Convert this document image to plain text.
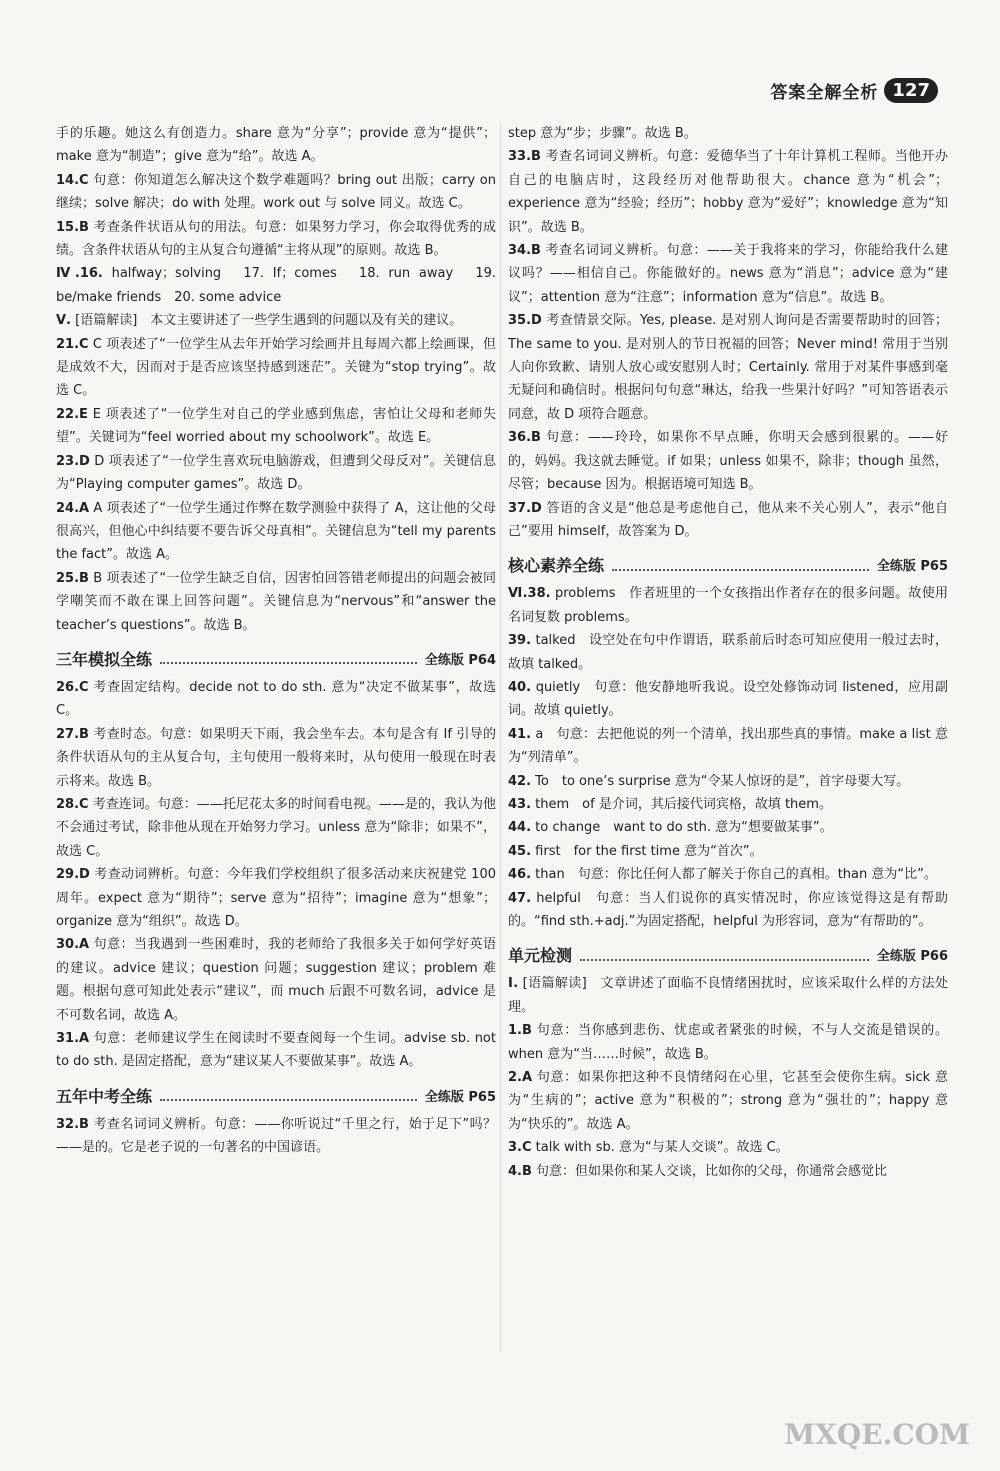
答案全解全析 127

手的乐趣。她这么有创造力。share 意为“分享”；provide 意为“提供”；make 意为“制造”；give 意为“给”。故选 A。

14.C 句意：你知道怎么解决这个数学难题吗？bring out 出版；carry on 继续；solve 解决；do with 处理。work out 与 solve 同义。故选 C。

15.B 考查条件状语从句的用法。句意：如果努力学习，你会取得优秀的成绩。含条件状语从句的主从复合句遵循“主将从现”的原则。故选 B。

Ⅳ.16. halfway；solving　17. If；comes　18. run away　19. be/make friends　20. some advice

Ⅴ. [语篇解读]　本文主要讲述了一些学生遇到的问题以及有关的建议。

21.C C 项表述了“一位学生从去年开始学习绘画并且每周六都上绘画课，但是成效不大，因而对于是否应该坚持感到迷茫”。关键为“stop trying”。故选 C。

22.E E 项表述了“一位学生对自己的学业感到焦虑，害怕让父母和老师失望”。关键词为“feel worried about my schoolwork”。故选 E。

23.D D 项表述了“一位学生喜欢玩电脑游戏，但遭到父母反对”。关键信息为“Playing computer games”。故选 D。

24.A A 项表述了“一位学生通过作弊在数学测验中获得了 A，这让他的父母很高兴，但他心中纠结要不要告诉父母真相”。关键信息为“tell my parents the fact”。故选 A。

25.B B 项表述了“一位学生缺乏自信，因害怕回答错老师提出的问题会被同学嘲笑而不敢在课上回答问题”。关键信息为“nervous”和“answer the teacher’s questions”。故选 B。

三年模拟全练	全练版 P64

26.C 考查固定结构。decide not to do sth. 意为“决定不做某事”，故选 C。

27.B 考查时态。句意：如果明天下雨，我会坐车去。本句是含有 If 引导的条件状语从句的主从复合句，主句使用一般将来时，从句使用一般现在时表示将来。故选 B。

28.C 考查连词。句意：——托尼花太多的时间看电视。——是的，我认为他不会通过考试，除非他从现在开始努力学习。unless 意为“除非；如果不”，故选 C。

29.D 考查动词辨析。句意：今年我们学校组织了很多活动来庆祝建党 100 周年。expect 意为“期待”；serve 意为“招待”；imagine 意为“想象”；organize 意为“组织”。故选 D。

30.A 句意：当我遇到一些困难时，我的老师给了我很多关于如何学好英语的建议。advice 建议；question 问题；suggestion 建议；problem 难题。根据句意可知此处表示“建议”，而 much 后跟不可数名词，advice 是不可数名词，故选 A。

31.A 句意：老师建议学生在阅读时不要查阅每一个生词。advise sb. not to do sth. 是固定搭配，意为“建议某人不要做某事”。故选 A。

五年中考全练	全练版 P65

32.B 考查名词词义辨析。句意：——你听说过“千里之行，始于足下”吗？——是的。它是老子说的一句著名的中国谚语。

step 意为“步；步骤”。故选 B。

33.B 考查名词词义辨析。句意：爱德华当了十年计算机工程师。当他开办自己的电脑店时，这段经历对他帮助很大。chance 意为“机会”；experience 意为“经验；经历”；hobby 意为“爱好”；knowledge 意为“知识”。故选 B。

34.B 考查名词词义辨析。句意：——关于我将来的学习，你能给我什么建议吗？——相信自己。你能做好的。news 意为“消息”；advice 意为“建议”；attention 意为“注意”；information 意为“信息”。故选 B。

35.D 考查情景交际。Yes, please. 是对别人询问是否需要帮助时的回答；The same to you. 是对别人的节日祝福的回答；Never mind! 常用于当别人向你致歉、请别人放心或安慰别人时；Certainly. 常用于对某件事感到毫无疑问和确信时。根据问句句意“琳达，给我一些果汁好吗？”可知答语表示同意，故 D 项符合题意。

36.B 句意：——玲玲，如果你不早点睡，你明天会感到很累的。——好的，妈妈。我这就去睡觉。if 如果；unless 如果不，除非；though 虽然，尽管；because 因为。根据语境可知选 B。

37.D 答语的含义是“他总是考虑他自己，他从来不关心别人”，表示“他自己”要用 himself，故答案为 D。

核心素养全练	全练版 P65

Ⅵ.38. problems　作者班里的一个女孩指出作者存在的很多问题。故使用名词复数 problems。

39. talked　设空处在句中作谓语，联系前后时态可知应使用一般过去时，故填 talked。

40. quietly　句意：他安静地听我说。设空处修饰动词 listened，应用副词。故填 quietly。

41. a　句意：去把他说的列一个清单，找出那些真的事情。make a list 意为“列清单”。

42. To　to one’s surprise 意为“令某人惊讶的是”，首字母要大写。

43. them　of 是介词，其后接代词宾格，故填 them。

44. to change　want to do sth. 意为“想要做某事”。

45. first　for the first time 意为“首次”。

46. than　句意：你比任何人都了解关于你自己的真相。than 意为“比”。

47. helpful　句意：当人们说你的真实情况时，你应该觉得这是有帮助的。“find sth.+adj.”为固定搭配，helpful 为形容词，意为“有帮助的”。

单元检测	全练版 P66

Ⅰ. [语篇解读]　文章讲述了面临不良情绪困扰时，应该采取什么样的方法处理。

1.B 句意：当你感到悲伤、忧虑或者紧张的时候，不与人交流是错误的。when 意为“当……时候”，故选 B。

2.A 句意：如果你把这种不良情绪闷在心里，它甚至会使你生病。sick 意为“生病的”；active 意为“积极的”；strong 意为“强壮的”；happy 意为“快乐的”。故选 A。

3.C talk with sb. 意为“与某人交谈”。故选 C。

4.B 句意：但如果你和某人交谈，比如你的父母，你通常会感觉比

MXQE.COM
